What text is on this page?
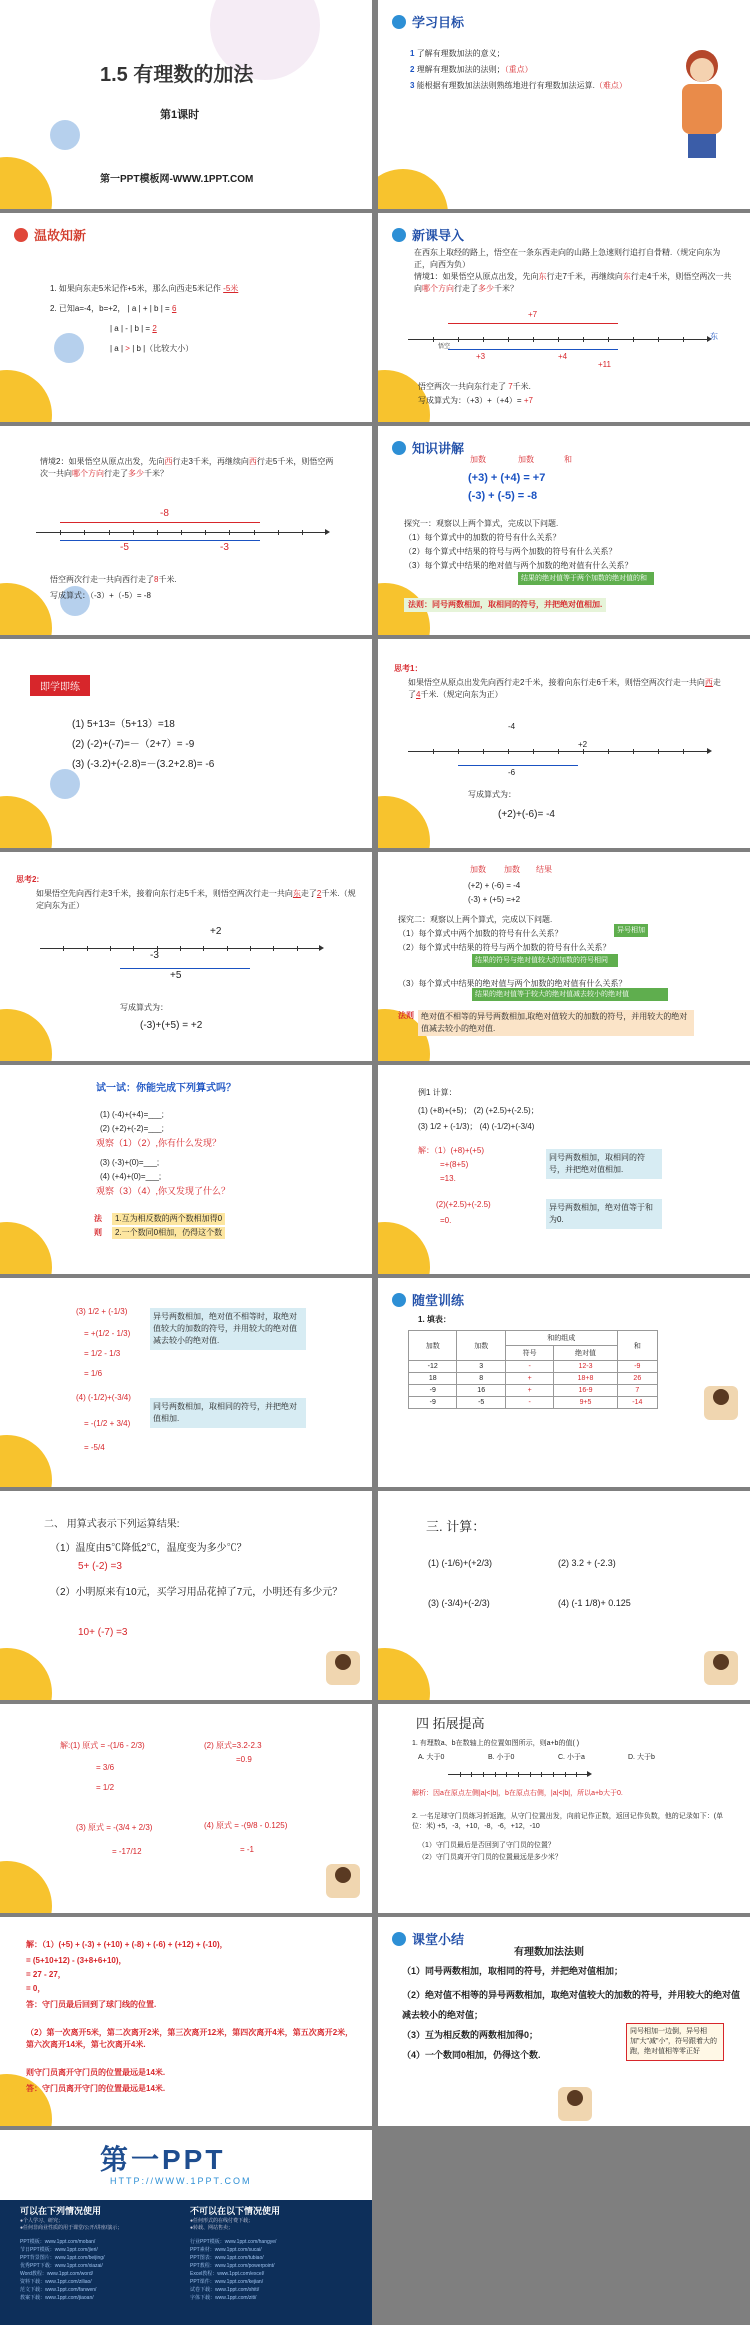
1.5 有理数的加法
第1课时
第一PPT模板网-WWW.1PPT.COM
学习目标
1 了解有理数加法的意义；
2 理解有理数加法的法则；（重点）
3 能根据有理数加法法则熟练地进行有理数加法运算.（难点）
温故知新
1. 如果向东走5米记作+5米，那么向西走5米记作 -5米
2. 已知a=-4，b=+2， | a | + | b | = 6
| a | - | b | = 2
| a | > | b |（比较大小）
新课导入
在西东上取经的路上，悟空在一条东西走向的山路上急速则行追打自骨精.（规定向东为正，向西为负）
情境1：如果悟空从原点出发，先向东行走7千米，再继续向东行走4千米，则悟空两次一共向哪个方向行走了多少千米？
+7
+3	+4
+11
东
悟空
悟空两次一共向东行走了 7千米.
写成算式为：（+3）+（+4）= +7
情境2：如果悟空从原点出发，先向西行走3千米，再继续向西行走5千米，则悟空两次一共向哪个方向行走了多少千米？
-8
-5	-3
悟空两次行走一共向西行走了8千米.
写成算式：（-3）+（-5）= -8
知识讲解
加数	加数	和
(+3) + (+4) = +7
(-3) + (-5) = -8
探究一：观察以上两个算式，完成以下问题.
（1）每个算式中的加数的符号有什么关系？
（2）每个算式中结果的符号与两个加数的符号有什么关系？
（3）每个算式中结果的绝对值与两个加数的绝对值有什么关系？
结果的绝对值等于两个加数的绝对值的和
法则：同号两数相加，取相同的符号，并把绝对值相加.
即学即练
(1) 5+13=（5+13）=18
(2) (-2)+(-7)=－（2+7）= -9
(3) (-3.2)+(-2.8)=－(3.2+2.8)= -6
思考1：
如果悟空从原点出发先向西行走2千米，接着向东行走6千米，则悟空两次行走一共向西走了4千米.（规定向东为正）
-4
-6
+2
写成算式为：
(+2)+(-6)= -4
思考2:
如果悟空先向西行走3千米，接着向东行走5千米，则悟空两次行走一共向东走了2千米.（规定向东为正）
+2
-3
+5
写成算式为：
(-3)+(+5) = +2
加数 加数 结果
(+2) + (-6) = -4
(-3) + (+5) =+2
探究二：观察以上两个算式，完成以下问题.
（1）每个算式中两个加数的符号有什么关系？	异号相加
（2）每个算式中结果的符号与两个加数的符号有什么关系？
结果的符号与绝对值较大的加数的符号相同
（3）每个算式中结果的绝对值与两个加数的绝对值有什么关系？
结果的绝对值等于较大的绝对值减去较小的绝对值
法则 绝对值不相等的异号两数相加,取绝对值较大的加数的符号，并用较大的绝对值减去较小的绝对值.
试一试：你能完成下列算式吗？
(1) (-4)+(+4)=___;
(2) (+2)+(-2)=___;
观察（1）（2）,你有什么发现？
(3) (-3)+(0)=___;
(4) (+4)+(0)=___;
观察（3）（4）,你又发现了什么？
法
则
1.互为相反数的两个数相加得0
2.一个数同0相加，仍得这个数
例1 计算：
(1) (+8)+(+5)； (2) (+2.5)+(-2.5)；
(3) 1/2 + (-1/3)； (4) (-1/2)+(-3/4)
解：（1）(+8)+(+5)
=+(8+5)
=13.
同号两数相加，取相同的符号，并把绝对值相加.
(2)(+2.5)+(-2.5)
=0.
异号两数相加，绝对值等于和为0.
(3) 1/2 + (-1/3)
= +(1/2 - 1/3)
= 1/2 - 1/3
= 1/6
异号两数相加，绝对值不相等时，取绝对值较大的加数的符号，并用较大的绝对值减去较小的绝对值.
(4) (-1/2)+(-3/4)
= -(1/2 + 3/4)
= -5/4
同号两数相加，取相同的符号，并把绝对值相加.
随堂训练
1. 填表：
加数	加数	和的组成		和
		符号	绝对值	
-12	3	-	12-3	-9
18	8	+	18+8	26
-9	16	+	16-9	7
-9	-5	-	9+5	-14
二、 用算式表示下列运算结果:
（1）温度由5℃降低2℃，温度变为多少℃？
5+ (-2) =3
（2）小明原来有10元，买学习用品花掉了7元，小明还有多少元？
10+ (-7) =3
三. 计算：
(1) (-1/6)+(+2/3)	(2) 3.2 + (-2.3)
(3) (-3/4)+(-2/3)	(4) (-1 1/8)+ 0.125
解:(1) 原式 = -(1/6 - 2/3)
= 3/6
= 1/2
(2) 原式=3.2-2.3
=0.9
(3) 原式 = -(3/4 + 2/3)
= -17/12
(4) 原式 = -(9/8 - 0.125)
= -1
四 拓展提高
1. 有理数a、b在数轴上的位置如图所示，则a+b的值( )
A. 大于0	B. 小于0	C. 小于a	D. 大于b
解析：因a在原点左侧|a|<|b|，b在原点右侧，|a|<|b|，所以a+b大于0.
2. 一名足球守门员练习折返跑，从守门位置出发，向前记作正数，返回记作负数，他的记录如下：(单位：米) +5，-3，+10，-8，-6，+12，-10
（1）守门员最后是否回到了守门员的位置？
（2）守门员离开守门员的位置最远是多少米？
解：（1）(+5) + (-3) + (+10) + (-8) + (-6) + (+12) + (-10)，
= (5+10+12) - (3+8+6+10)，
= 27 - 27，
= 0，
答：守门员最后回到了球门线的位置.
（2）第一次离开5米，第二次离开2米，第三次离开12米，第四次离开4米，第五次离开2米，第六次离开14米，第七次离开4米.
则守门员离开守门员的位置最远是14米.
答：守门员离开守门的位置最远是14米.
课堂小结
有理数加法法则
（1）同号两数相加，取相同的符号，并把绝对值相加；
（2）绝对值不相等的异号两数相加，取绝对值较大的加数的符号，并用较大的绝对值减去较小的绝对值；
（3）互为相反数的两数相加得0；
（4）一个数同0相加，仍得这个数.
同号相加一边倒，异号相加"大"减"小"，符号跟着大的跑，绝对值相等零正好
第一PPT
HTTP://WWW.1PPT.COM
可以在下列情况使用	不可以在以下情况使用
●个人学习、研究；
●任何非商业性质的用于课堂/公开/讲座/演示；
●任何形式的在线付费下载；
●转载、网站售卖；
PPT模板：www.1ppt.com/moban/
节日PPT模板：www.1ppt.com/jieri/
PPT背景图片：www.1ppt.com/beijing/
优秀PPT下载：www.1ppt.com/xiazai/
Word教程：www.1ppt.com/word/
资料下载：www.1ppt.com/ziliao/
范文下载：www.1ppt.com/fanwen/
教案下载：www.1ppt.com/jiaoan/
行业PPT模板：www.1ppt.com/hangye/
PPT素材：www.1ppt.com/sucai/
PPT图表：www.1ppt.com/tubiao/
PPT教程：www.1ppt.com/powerpoint/
Excel教程：www.1ppt.com/excel/
PPT课件：www.1ppt.com/kejian/
试卷下载：www.1ppt.com/shiti/
字体下载：www.1ppt.com/ziti/
